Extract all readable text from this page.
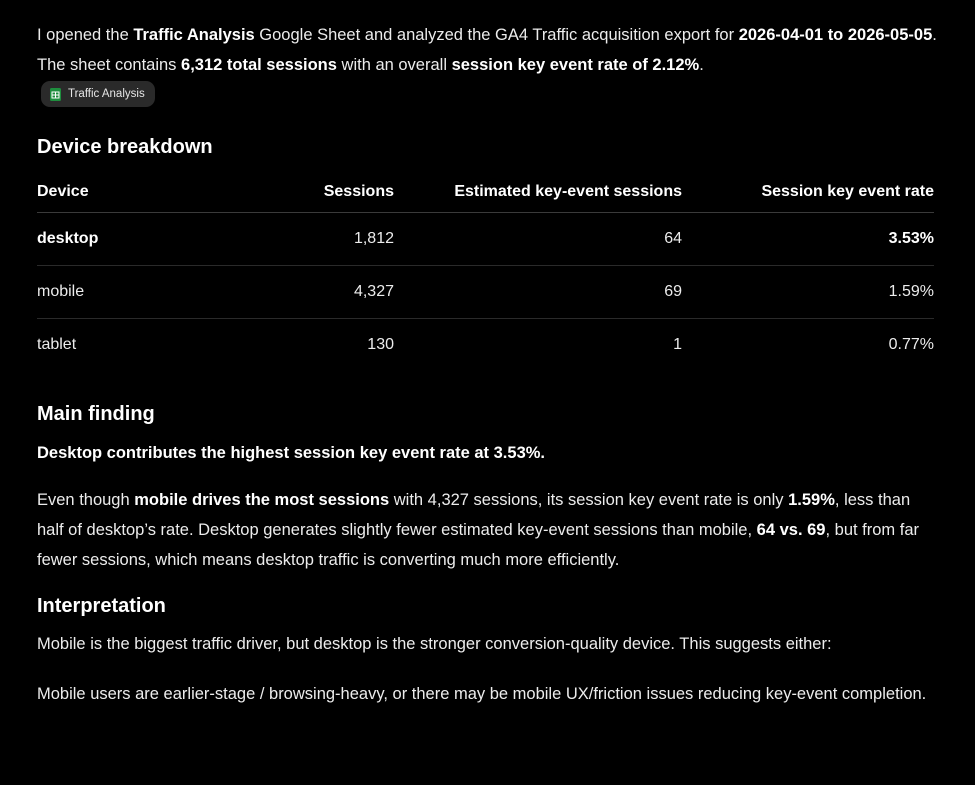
I opened the Traffic Analysis Google Sheet and analyzed the GA4 Traffic acquisition export for 2026-04-01 to 2026-05-05. The sheet contains 6,312 total sessions with an overall session key event rate of 2.12%.

Traffic Analysis
Device breakdown
Device	Sessions	Estimated key-event sessions	Session key event rate
desktop	1,812	64	3.53%
mobile	4,327	69	1.59%
tablet	130	1	0.77%
Main finding

Desktop contributes the highest session key event rate at 3.53%.

Even though mobile drives the most sessions with 4,327 sessions, its session key event rate is only 1.59%, less than half of desktop’s rate. Desktop generates slightly fewer estimated key-event sessions than mobile, 64 vs. 69, but from far fewer sessions, which means desktop traffic is converting much more efficiently.

Interpretation

Mobile is the biggest traffic driver, but desktop is the stronger conversion-quality device. This suggests either:

Mobile users are earlier-stage / browsing-heavy, or there may be mobile UX/friction issues reducing key-event completion.
